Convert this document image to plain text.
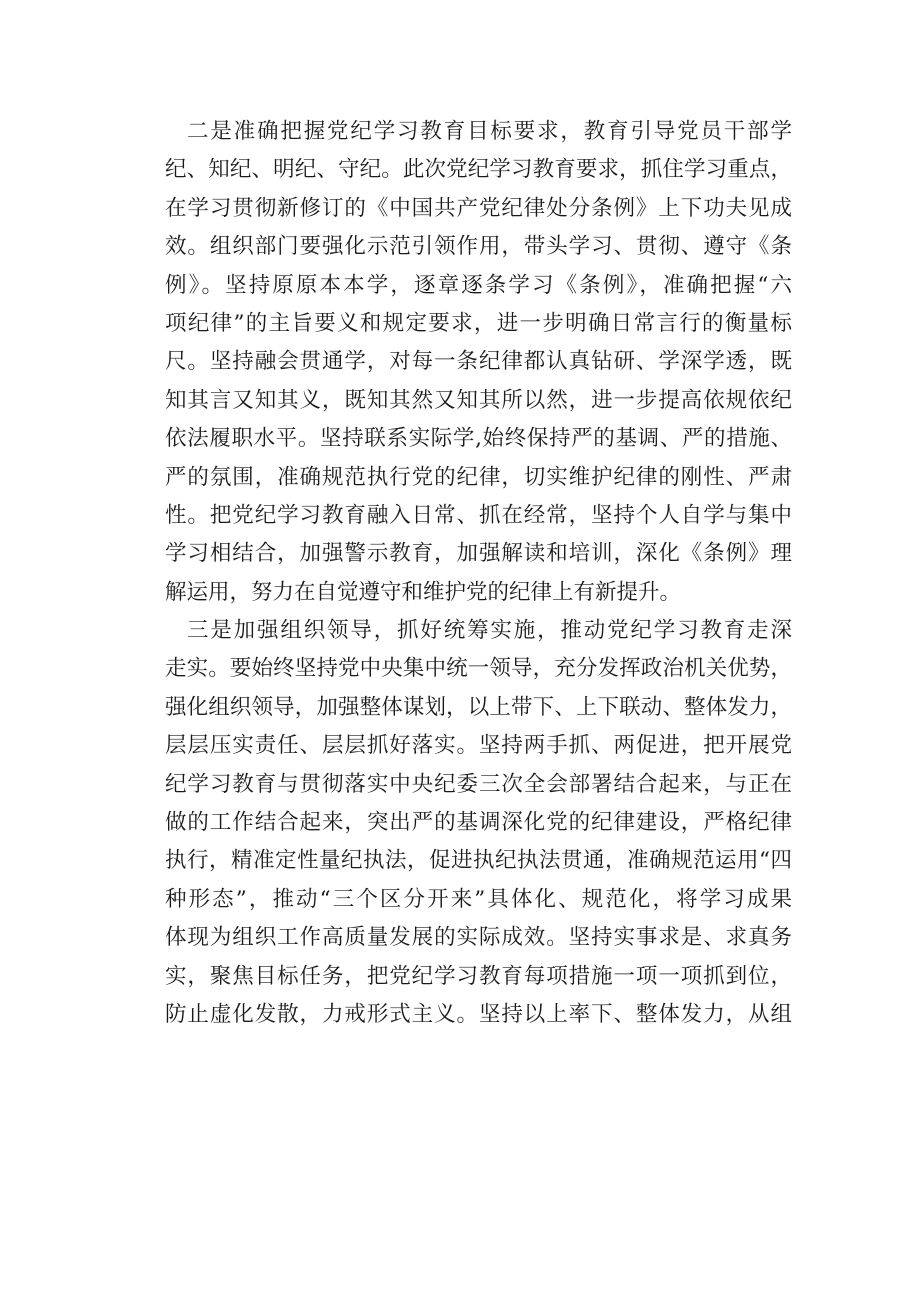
二是准确把握党纪学习教育目标要求，教育引导党员干部学
纪、知纪、明纪、守纪。此次党纪学习教育要求，抓住学习重点，
在学习贯彻新修订的《中国共产党纪律处分条例》上下功夫见成
效。组织部门要强化示范引领作用，带头学习、贯彻、遵守《条
例》。坚持原原本本学，逐章逐条学习《条例》，准确把握“六
项纪律”的主旨要义和规定要求，进一步明确日常言行的衡量标
尺。坚持融会贯通学，对每一条纪律都认真钻研、学深学透，既
知其言又知其义，既知其然又知其所以然，进一步提高依规依纪
依法履职水平。坚持联系实际学,始终保持严的基调、严的措施、
严的氛围，准确规范执行党的纪律，切实维护纪律的刚性、严肃
性。把党纪学习教育融入日常、抓在经常，坚持个人自学与集中
学习相结合，加强警示教育，加强解读和培训，深化《条例》理
解运用，努力在自觉遵守和维护党的纪律上有新提升。
三是加强组织领导，抓好统筹实施，推动党纪学习教育走深
走实。要始终坚持党中央集中统一领导，充分发挥政治机关优势，
强化组织领导，加强整体谋划，以上带下、上下联动、整体发力，
层层压实责任、层层抓好落实。坚持两手抓、两促进，把开展党
纪学习教育与贯彻落实中央纪委三次全会部署结合起来，与正在
做的工作结合起来，突出严的基调深化党的纪律建设，严格纪律
执行，精准定性量纪执法，促进执纪执法贯通，准确规范运用“四
种形态”，推动“三个区分开来”具体化、规范化，将学习成果
体现为组织工作高质量发展的实际成效。坚持实事求是、求真务
实，聚焦目标任务，把党纪学习教育每项措施一项一项抓到位，
防止虚化发散，力戒形式主义。坚持以上率下、整体发力，从组
